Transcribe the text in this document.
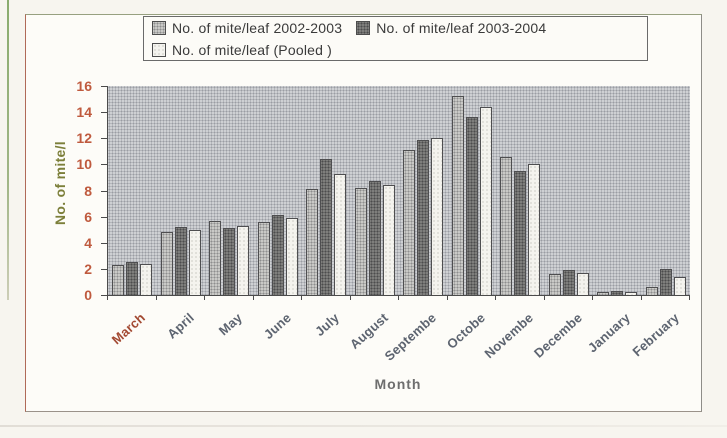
No. of mite/leaf 2002-2003 No. of mite/leaf 2003-2004
No. of mite/leaf (Pooled )
No. of mite/l
Month
0
2
4
6
8
10
12
14
16
March	April	May	June	July August
Septembe Octobe
Novembe
Decembe January
February
